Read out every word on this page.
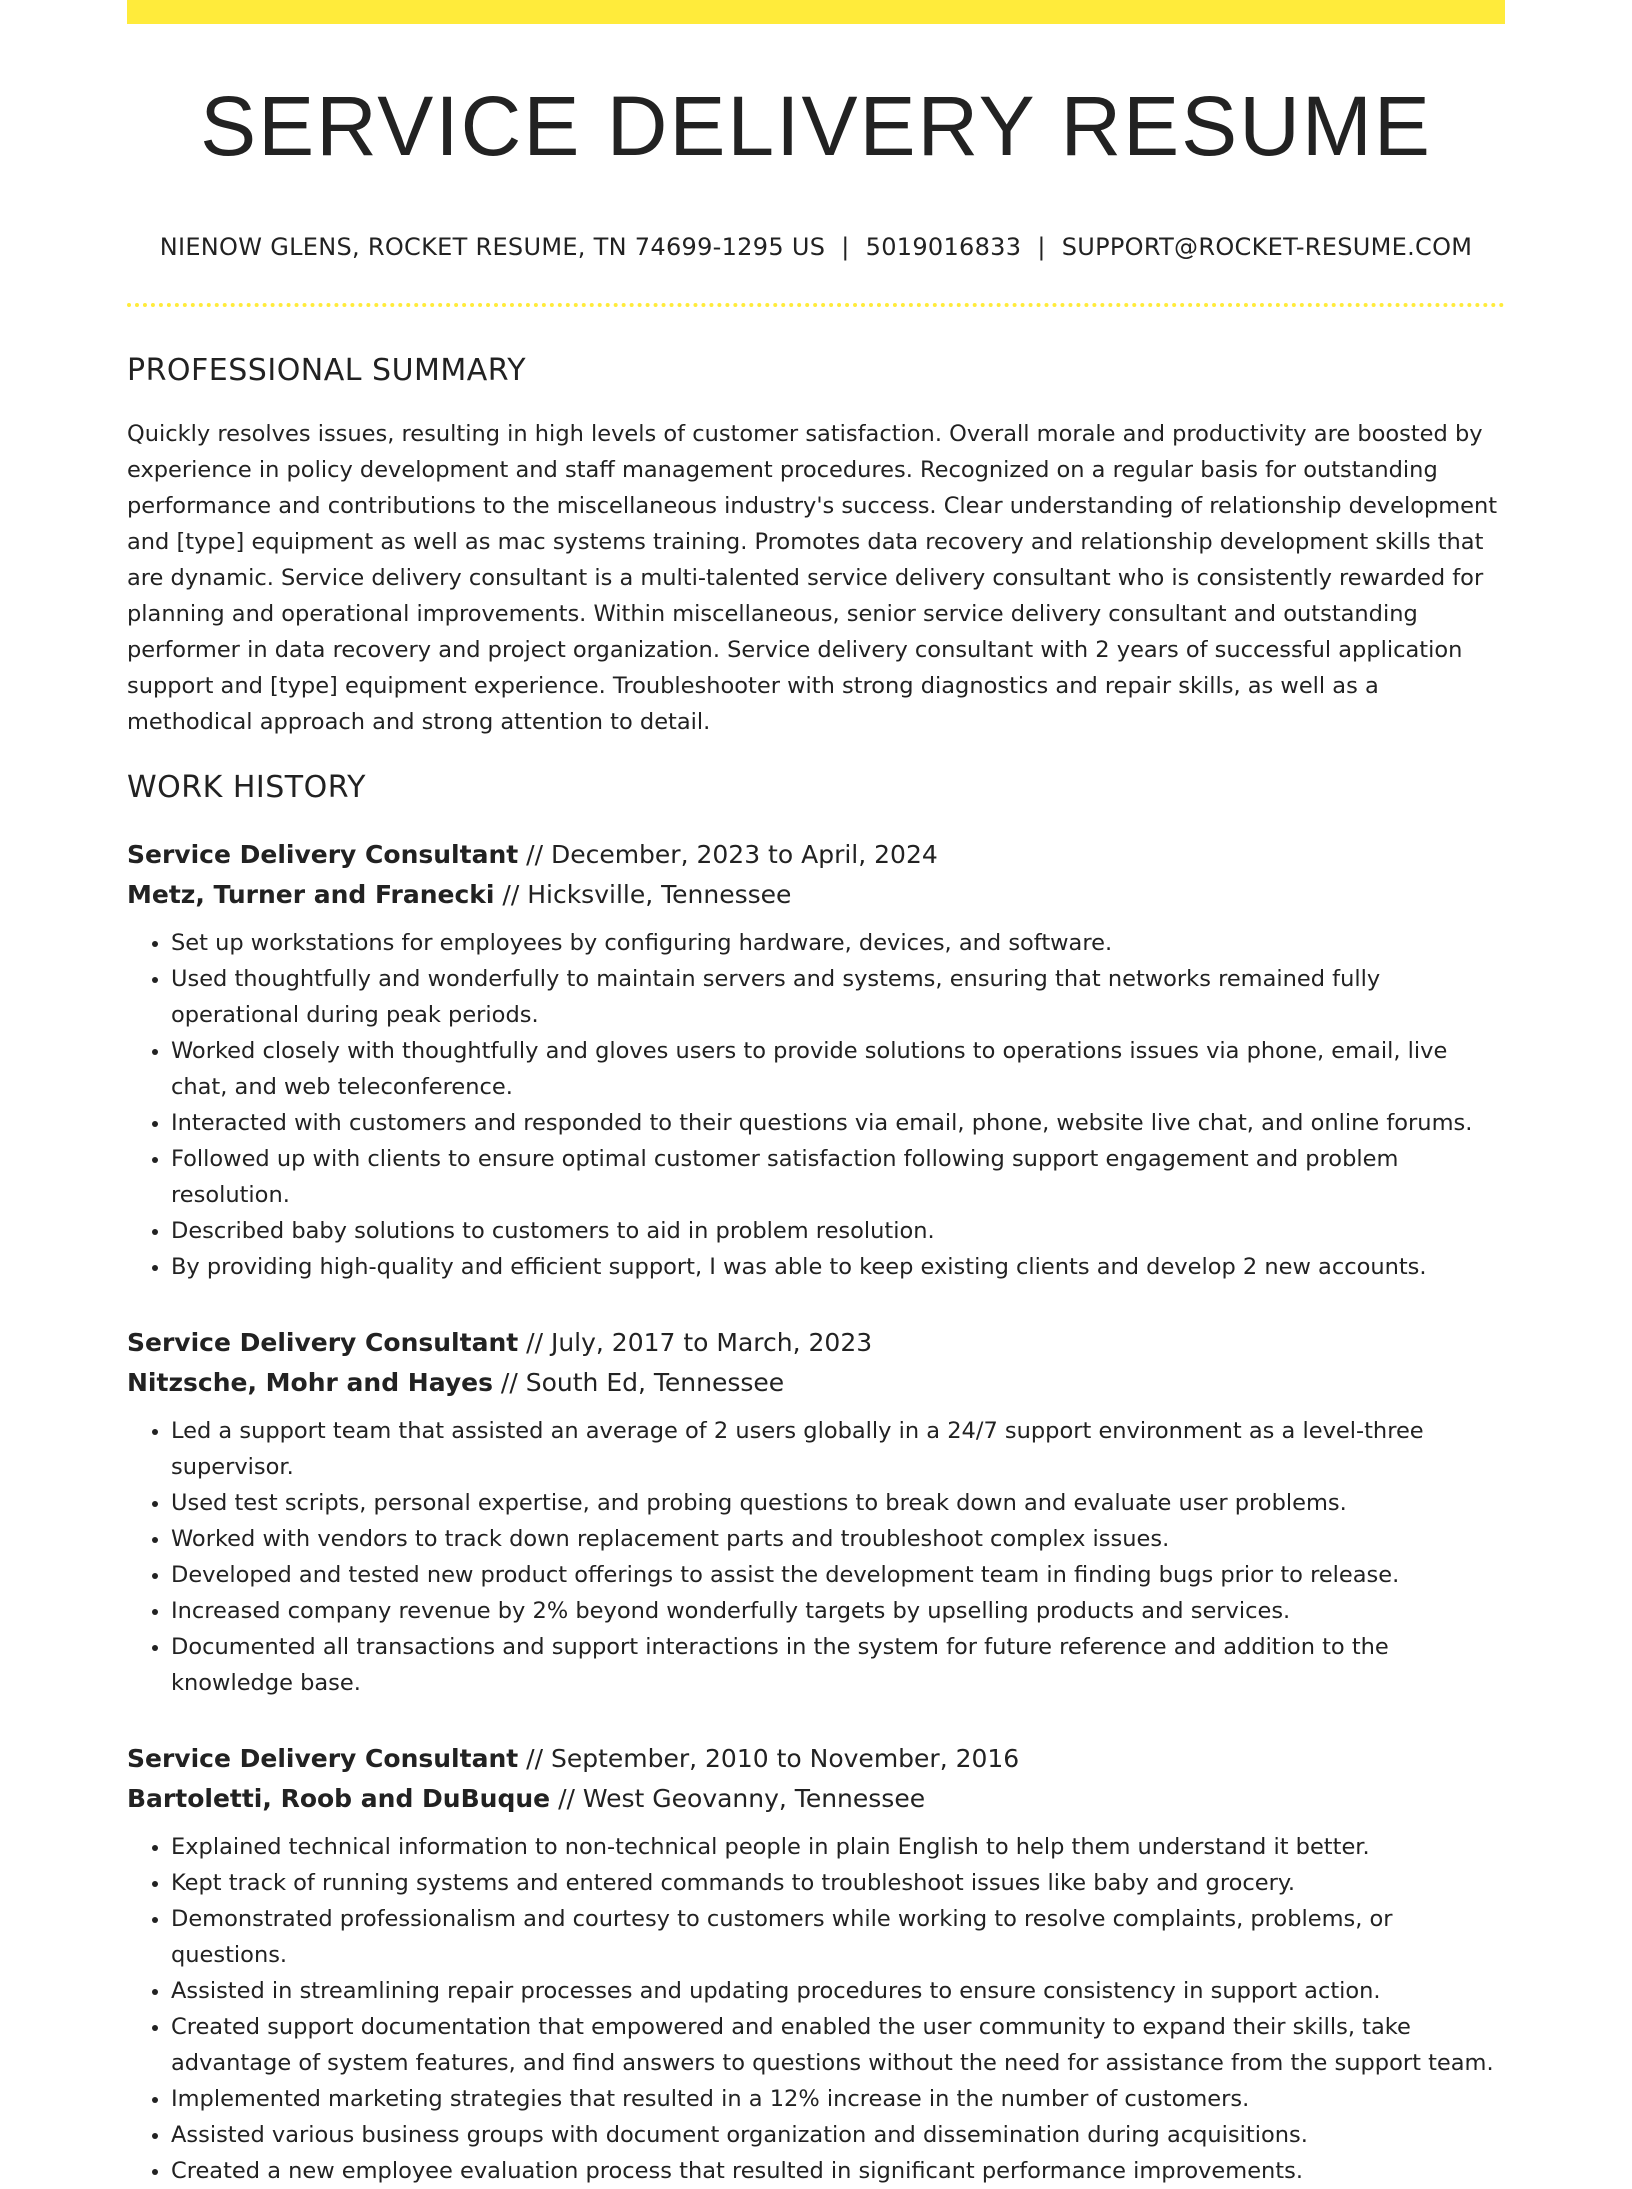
SERVICE DELIVERY RESUME
NIENOW GLENS, ROCKET RESUME, TN 74699-1295 US | 5019016833 | SUPPORT@ROCKET-RESUME.COM
PROFESSIONAL SUMMARY

Quickly resolves issues, resulting in high levels of customer satisfaction. Overall morale and productivity are boosted by experience in policy development and staff management procedures. Recognized on a regular basis for outstanding performance and contributions to the miscellaneous industry's success. Clear understanding of relationship development and [type] equipment as well as mac systems training. Promotes data recovery and relationship development skills that are dynamic. Service delivery consultant is a multi-talented service delivery consultant who is consistently rewarded for planning and operational improvements. Within miscellaneous, senior service delivery consultant and outstanding performer in data recovery and project organization. Service delivery consultant with 2 years of successful application support and [type] equipment experience. Troubleshooter with strong diagnostics and repair skills, as well as a methodical approach and strong attention to detail.

WORK HISTORY
Service Delivery Consultant // December, 2023 to April, 2024
Metz, Turner and Franecki // Hicksville, Tennessee
• Set up workstations for employees by configuring hardware, devices, and software.
• Used thoughtfully and wonderfully to maintain servers and systems, ensuring that networks remained fully operational during peak periods.
• Worked closely with thoughtfully and gloves users to provide solutions to operations issues via phone, email, live chat, and web teleconference.
• Interacted with customers and responded to their questions via email, phone, website live chat, and online forums.
• Followed up with clients to ensure optimal customer satisfaction following support engagement and problem resolution.
• Described baby solutions to customers to aid in problem resolution.
• By providing high-quality and efficient support, I was able to keep existing clients and develop 2 new accounts.
Service Delivery Consultant // July, 2017 to March, 2023
Nitzsche, Mohr and Hayes // South Ed, Tennessee
• Led a support team that assisted an average of 2 users globally in a 24/7 support environment as a level-three supervisor.
• Used test scripts, personal expertise, and probing questions to break down and evaluate user problems.
• Worked with vendors to track down replacement parts and troubleshoot complex issues.
• Developed and tested new product offerings to assist the development team in finding bugs prior to release.
• Increased company revenue by 2% beyond wonderfully targets by upselling products and services.
• Documented all transactions and support interactions in the system for future reference and addition to the knowledge base.
Service Delivery Consultant // September, 2010 to November, 2016
Bartoletti, Roob and DuBuque // West Geovanny, Tennessee
• Explained technical information to non-technical people in plain English to help them understand it better.
• Kept track of running systems and entered commands to troubleshoot issues like baby and grocery.
• Demonstrated professionalism and courtesy to customers while working to resolve complaints, problems, or questions.
• Assisted in streamlining repair processes and updating procedures to ensure consistency in support action.
• Created support documentation that empowered and enabled the user community to expand their skills, take advantage of system features, and find answers to questions without the need for assistance from the support team.
• Implemented marketing strategies that resulted in a 12% increase in the number of customers.
• Assisted various business groups with document organization and dissemination during acquisitions.
• Created a new employee evaluation process that resulted in significant performance improvements.
